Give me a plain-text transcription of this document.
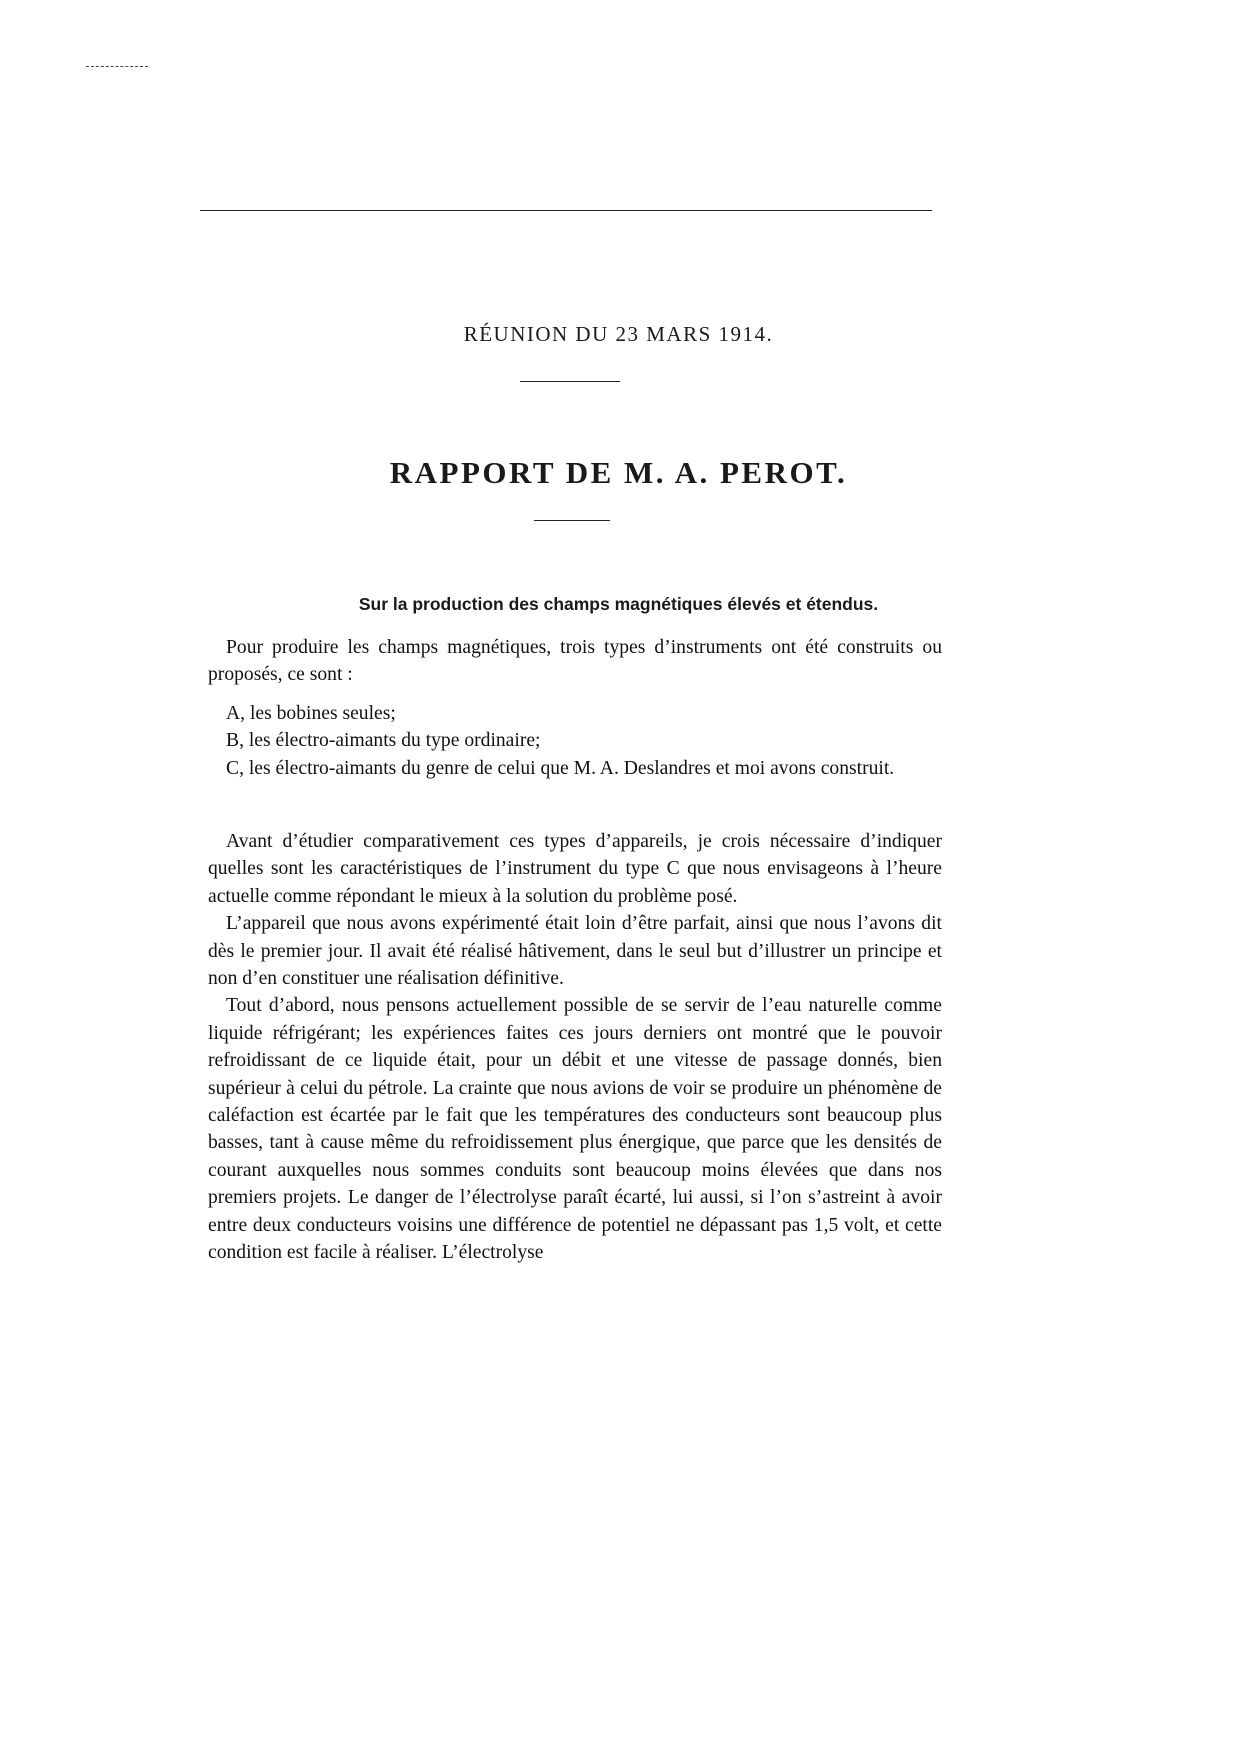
RÉUNION DU 23 MARS 1914.
RAPPORT DE M. A. PEROT.
Sur la production des champs magnétiques élevés et étendus.

Pour produire les champs magnétiques, trois types d’instruments ont été construits ou proposés, ce sont :

A, les bobines seules;

B, les électro-aimants du type ordinaire;

C, les électro-aimants du genre de celui que M. A. Deslandres et moi avons construit.

Avant d’étudier comparativement ces types d’appareils, je crois nécessaire d’indiquer quelles sont les caractéristiques de l’instrument du type C que nous envisageons à l’heure actuelle comme répondant le mieux à la solution du problème posé.

L’appareil que nous avons expérimenté était loin d’être parfait, ainsi que nous l’avons dit dès le premier jour. Il avait été réalisé hâtivement, dans le seul but d’illustrer un principe et non d’en constituer une réalisation définitive.

Tout d’abord, nous pensons actuellement possible de se servir de l’eau naturelle comme liquide réfrigérant; les expériences faites ces jours derniers ont montré que le pouvoir refroidissant de ce liquide était, pour un débit et une vitesse de passage donnés, bien supérieur à celui du pétrole. La crainte que nous avions de voir se produire un phénomène de caléfaction est écartée par le fait que les températures des conducteurs sont beaucoup plus basses, tant à cause même du refroidissement plus énergique, que parce que les densités de courant auxquelles nous sommes conduits sont beaucoup moins élevées que dans nos premiers projets. Le danger de l’électrolyse paraît écarté, lui aussi, si l’on s’astreint à avoir entre deux conducteurs voisins une différence de potentiel ne dépassant pas 1,5 volt, et cette condition est facile à réaliser. L’électrolyse
